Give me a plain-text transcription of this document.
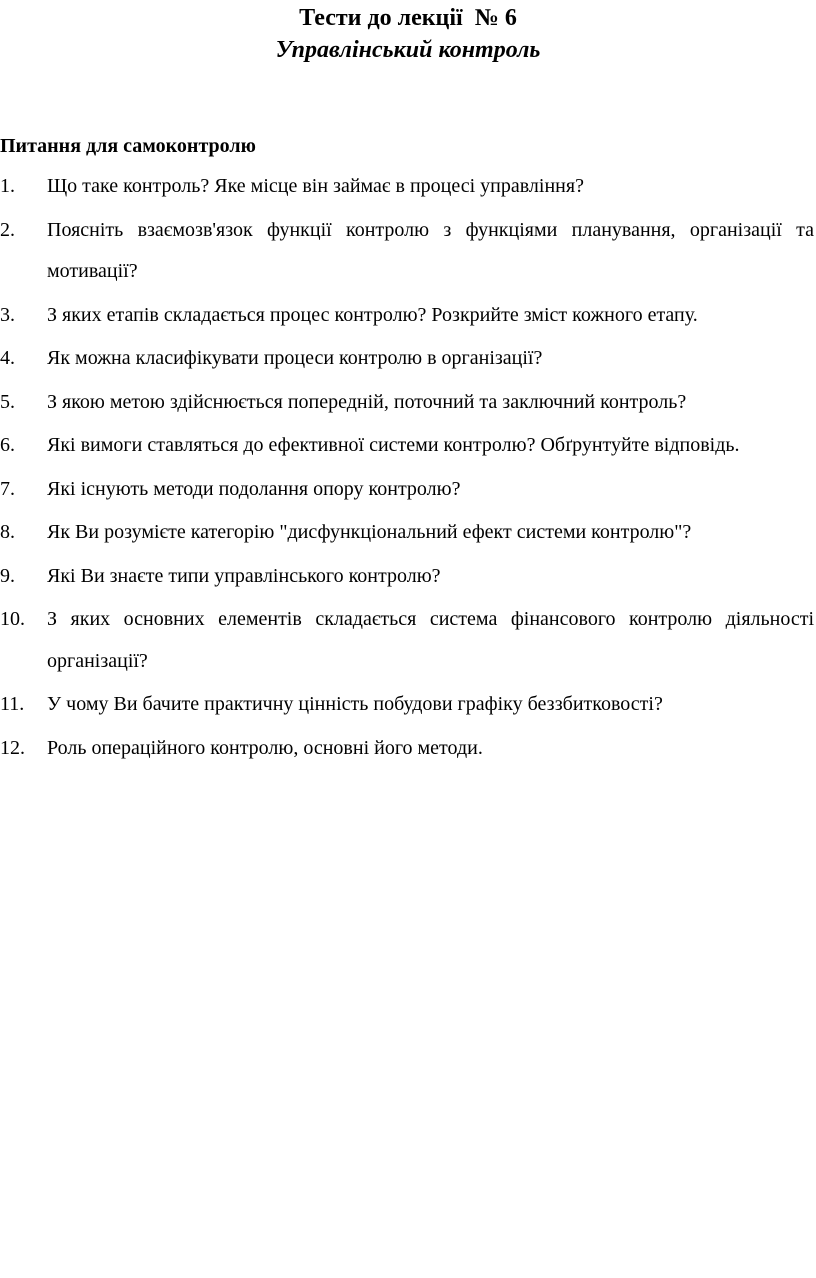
Тести до лекції  № 6
Управлінський контроль
Питання для самоконтролю
1. Що таке контроль? Яке місце він займає в процесі управління?
2. Поясніть взаємозв'язок функції контролю з функціями планування, організації та мотивації?
3. З яких етапів складається процес контролю? Розкрийте зміст кожного етапу.
4. Як можна класифікувати процеси контролю в організації?
5. З якою метою здійснюється попередній, поточний та заключний контроль?
6. Які вимоги ставляться до ефективної системи контролю? Обґрунтуйте відповідь.
7. Які існують методи подолання опору контролю?
8. Як Ви розумієте категорію "дисфункціональний ефект системи контролю"?
9. Які Ви знаєте типи управлінського контролю?
10. З яких основних елементів складається система фінансового контролю діяльності організації?
11. У чому Ви бачите практичну цінність побудови графіку беззбитковості?
12. Роль операційного контролю, основні його методи.
